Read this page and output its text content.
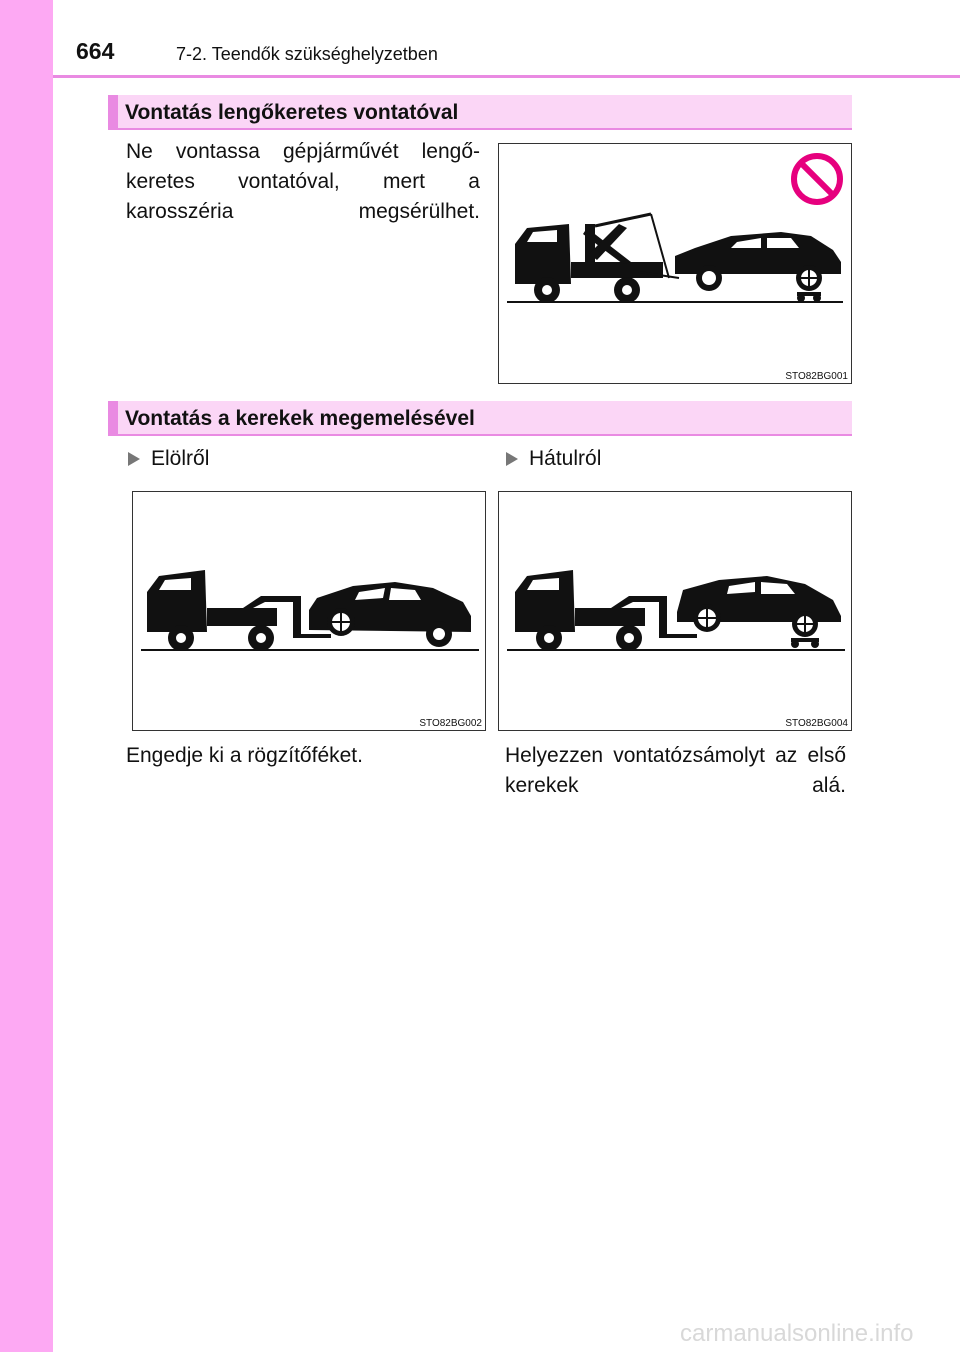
664	7-2. Teendők szükséghelyzetben
Vontatás lengőkeretes vontatóval
Ne vontassa gépjárművét lengő-keretes vontatóval, mert a karosszéria megsérülhet.
STO82BG001
Vontatás a kerekek megemelésével
Elölről	Hátulról
STO82BG002	STO82BG004
Engedje ki a rögzítőféket.	Helyezzen vontatózsámolyt az első kerekek alá.
carmanualsonline.info
